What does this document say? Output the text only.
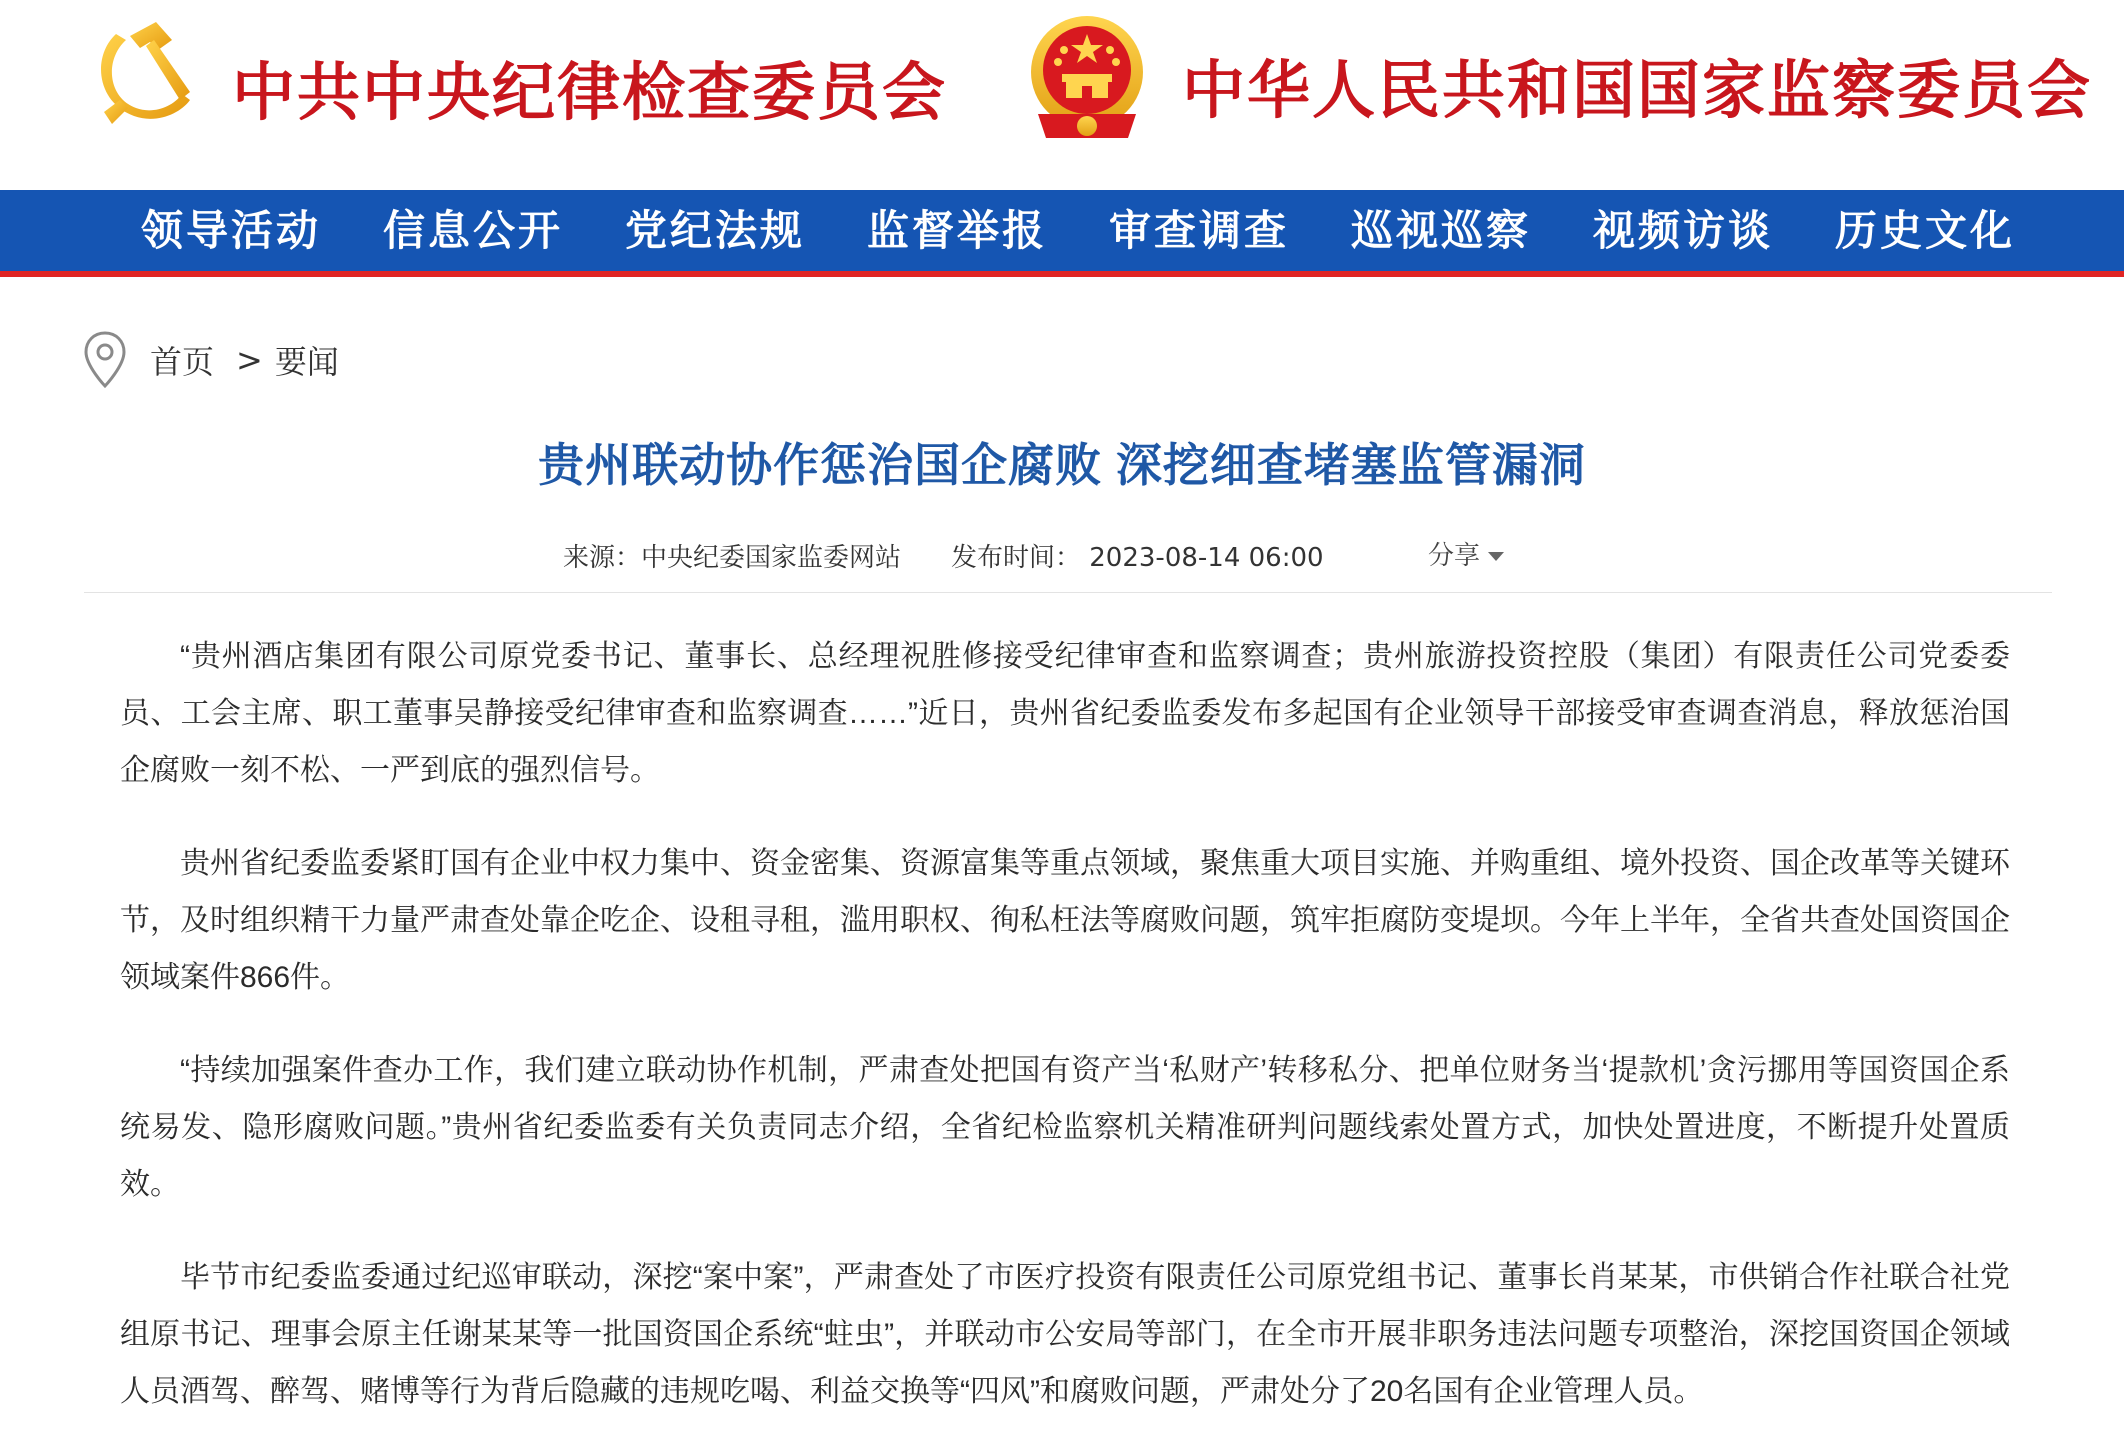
中共中央纪律检查委员会	中华人民共和国国家监察委员会
领导活动	信息公开	党纪法规	监督举报	审查调查	巡视巡察	视频访谈	历史文化
首页 > 要闻
贵州联动协作惩治国企腐败 深挖细查堵塞监管漏洞
来源：中央纪委国家监委网站 发布时间： 2023-08-14 06:00	分享

“贵州酒店集团有限公司原党委书记、董事长、总经理祝胜修接受纪律审查和监察调查；贵州旅游投资控股（集团）有限责任公司党委委员、工会主席、职工董事吴静接受纪律审查和监察调查……”近日，贵州省纪委监委发布多起国有企业领导干部接受审查调查消息，释放惩治国企腐败一刻不松、一严到底的强烈信号。

贵州省纪委监委紧盯国有企业中权力集中、资金密集、资源富集等重点领域，聚焦重大项目实施、并购重组、境外投资、国企改革等关键环节，及时组织精干力量严肃查处靠企吃企、设租寻租，滥用职权、徇私枉法等腐败问题，筑牢拒腐防变堤坝。今年上半年，全省共查处国资国企领域案件866件。

“持续加强案件查办工作，我们建立联动协作机制，严肃查处把国有资产当‘私财产’转移私分、把单位财务当‘提款机’贪污挪用等国资国企系统易发、隐形腐败问题。”贵州省纪委监委有关负责同志介绍，全省纪检监察机关精准研判问题线索处置方式，加快处置进度，不断提升处置质效。

毕节市纪委监委通过纪巡审联动，深挖“案中案”，严肃查处了市医疗投资有限责任公司原党组书记、董事长肖某某，市供销合作社联合社党组原书记、理事会原主任谢某某等一批国资国企系统“蛀虫”，并联动市公安局等部门，在全市开展非职务违法问题专项整治，深挖国资国企领域人员酒驾、醉驾、赌博等行为背后隐藏的违规吃喝、利益交换等“四风”和腐败问题，严肃处分了20名国有企业管理人员。
